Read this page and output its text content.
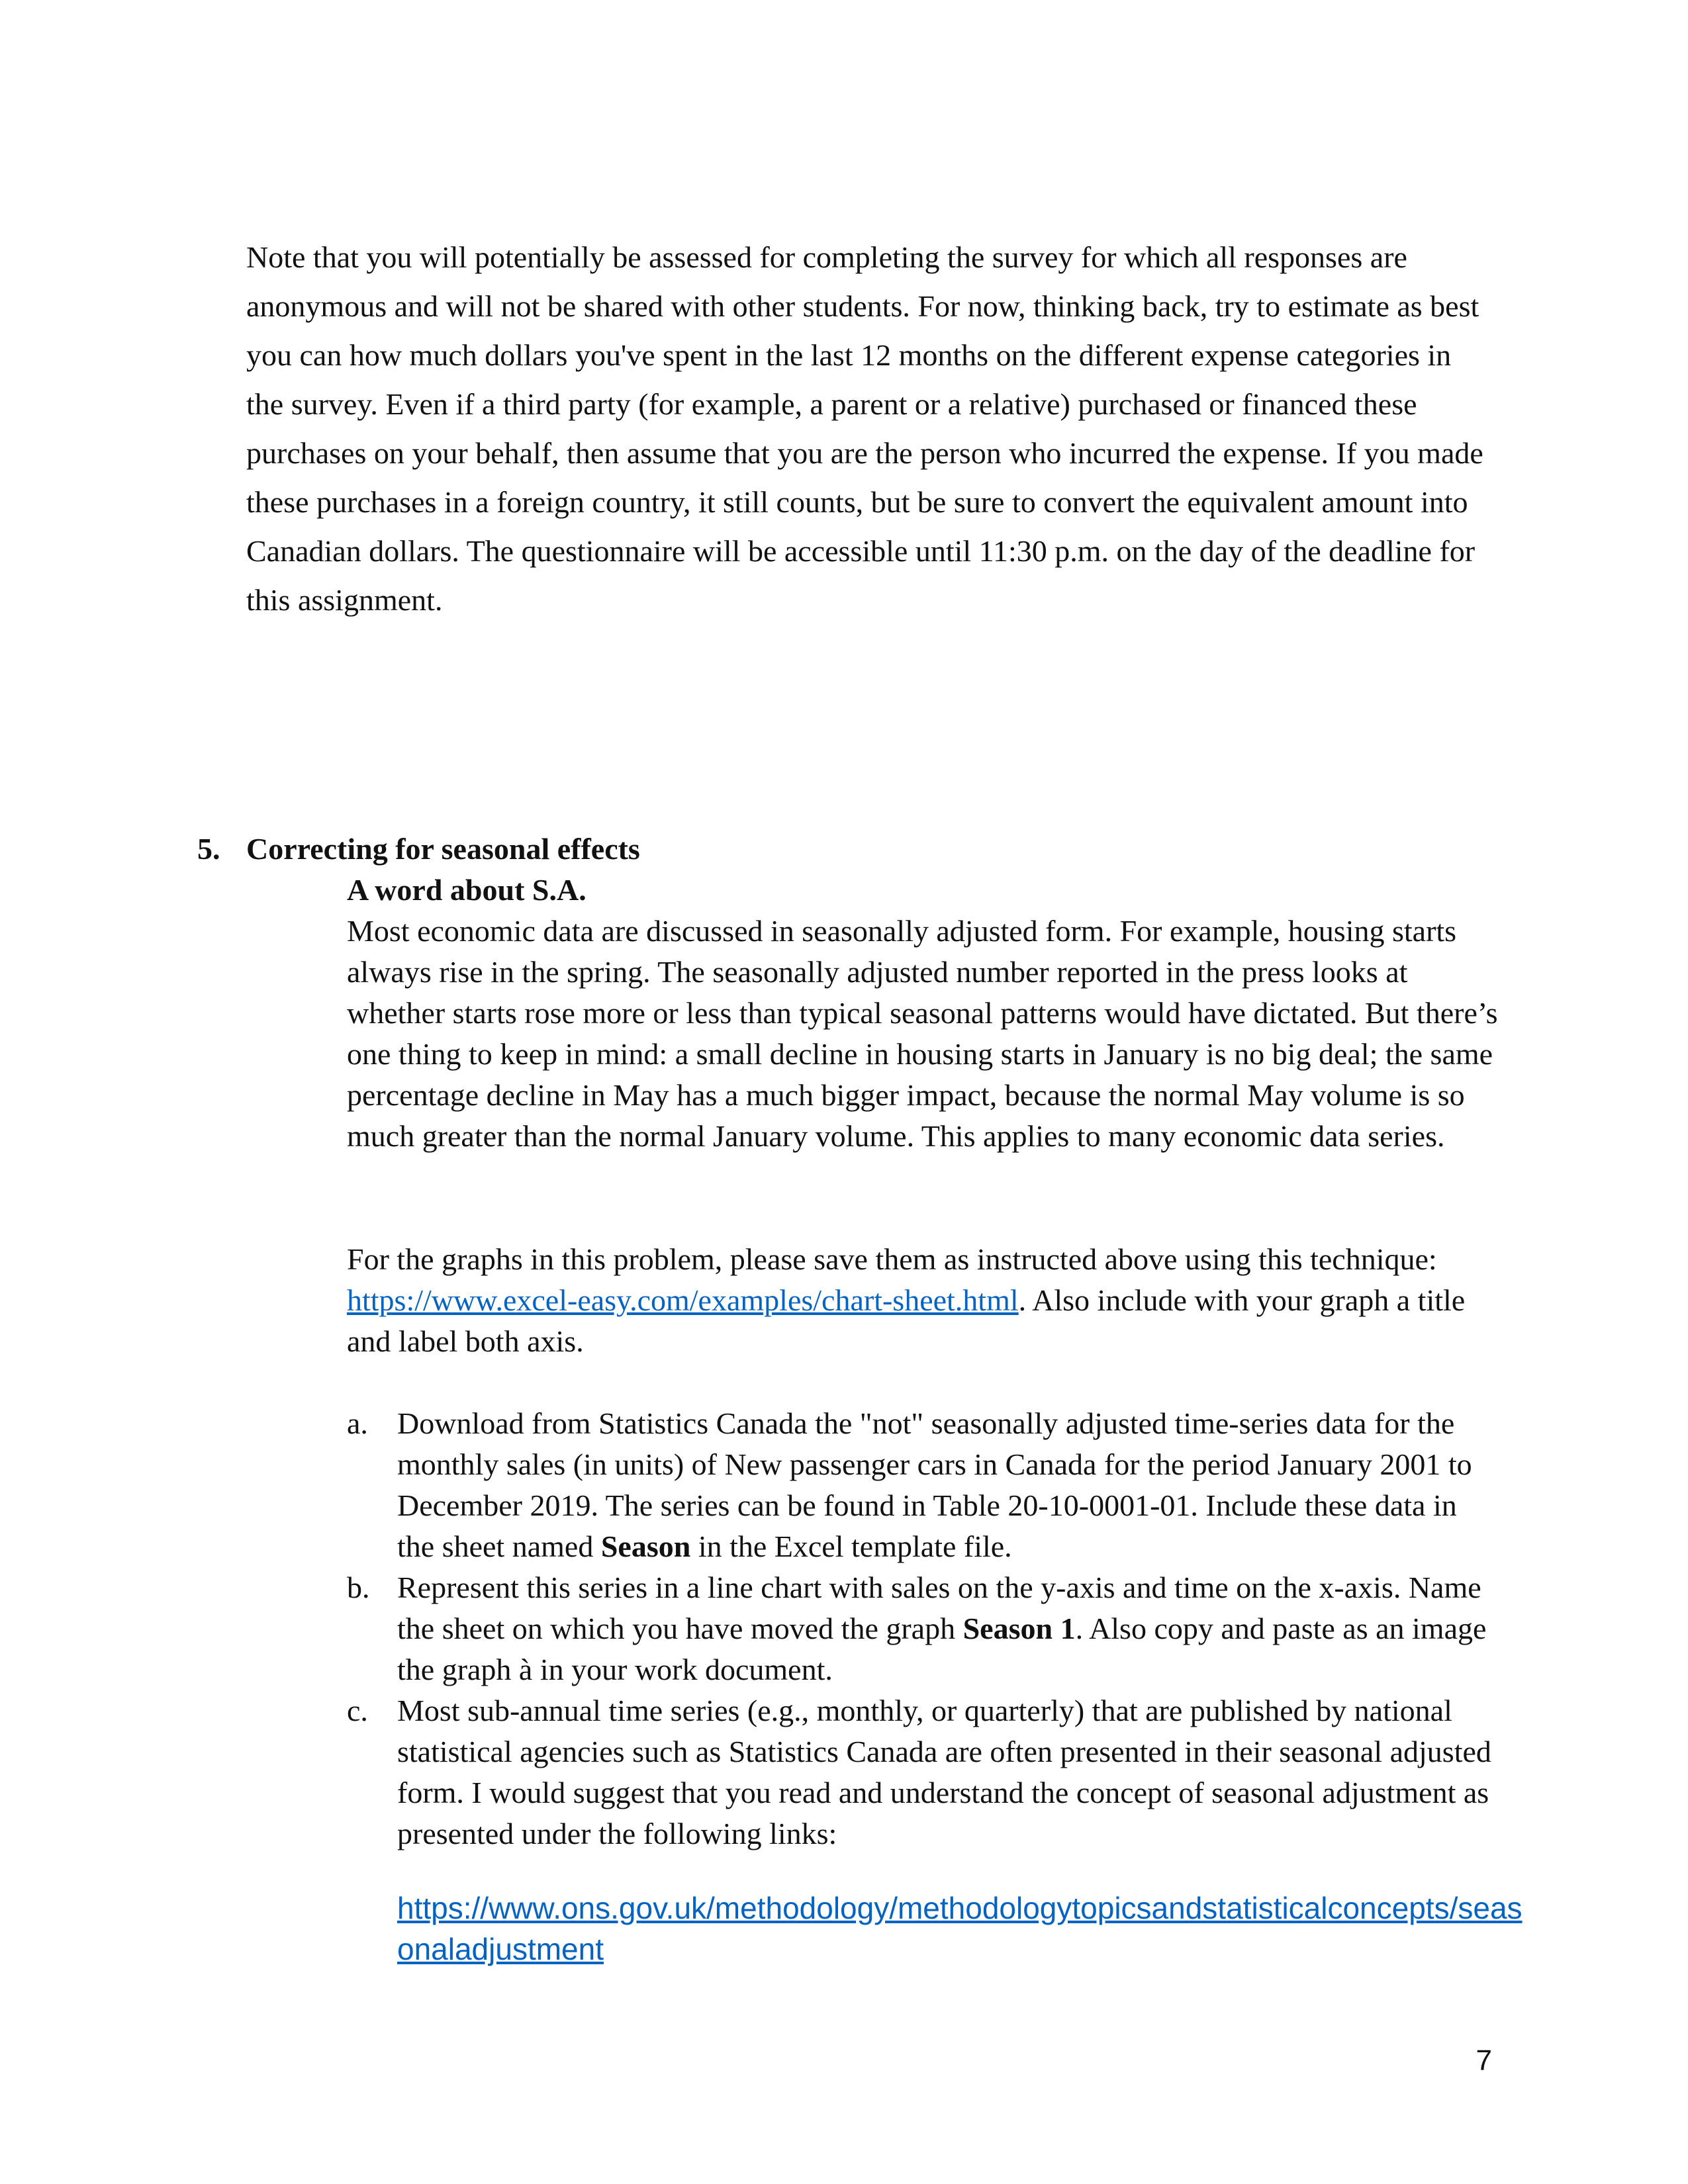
Note that you will potentially be assessed for completing the survey for which all responses are anonymous and will not be shared with other students. For now, thinking back, try to estimate as best you can how much dollars you've spent in the last 12 months on the different expense categories in the survey. Even if a third party (for example, a parent or a relative) purchased or financed these purchases on your behalf, then assume that you are the person who incurred the expense. If you made these purchases in a foreign country, it still counts, but be sure to convert the equivalent amount into Canadian dollars. The questionnaire will be accessible until 11:30 p.m. on the day of the deadline for this assignment.

5. Correcting for seasonal effects

A word about S.A.

Most economic data are discussed in seasonally adjusted form. For example, housing starts always rise in the spring. The seasonally adjusted number reported in the press looks at whether starts rose more or less than typical seasonal patterns would have dictated. But there’s one thing to keep in mind: a small decline in housing starts in January is no big deal; the same percentage decline in May has a much bigger impact, because the normal May volume is so much greater than the normal January volume. This applies to many economic data series.

For the graphs in this problem, please save them as instructed above using this technique: https://www.excel-easy.com/examples/chart-sheet.html. Also include with your graph a title and label both axis.

a. Download from Statistics Canada the "not" seasonally adjusted time-series data for the monthly sales (in units) of New passenger cars in Canada for the period January 2001 to December 2019. The series can be found in Table 20-10-0001-01. Include these data in the sheet named Season in the Excel template file.
b. Represent this series in a line chart with sales on the y-axis and time on the x-axis. Name the sheet on which you have moved the graph Season 1. Also copy and paste as an image the graph à in your work document.
c. Most sub-annual time series (e.g., monthly, or quarterly) that are published by national statistical agencies such as Statistics Canada are often presented in their seasonal adjusted form. I would suggest that you read and understand the concept of seasonal adjustment as presented under the following links:

https://www.ons.gov.uk/methodology/methodologytopicsandstatisticalconcepts/seasonaladjustment

7
